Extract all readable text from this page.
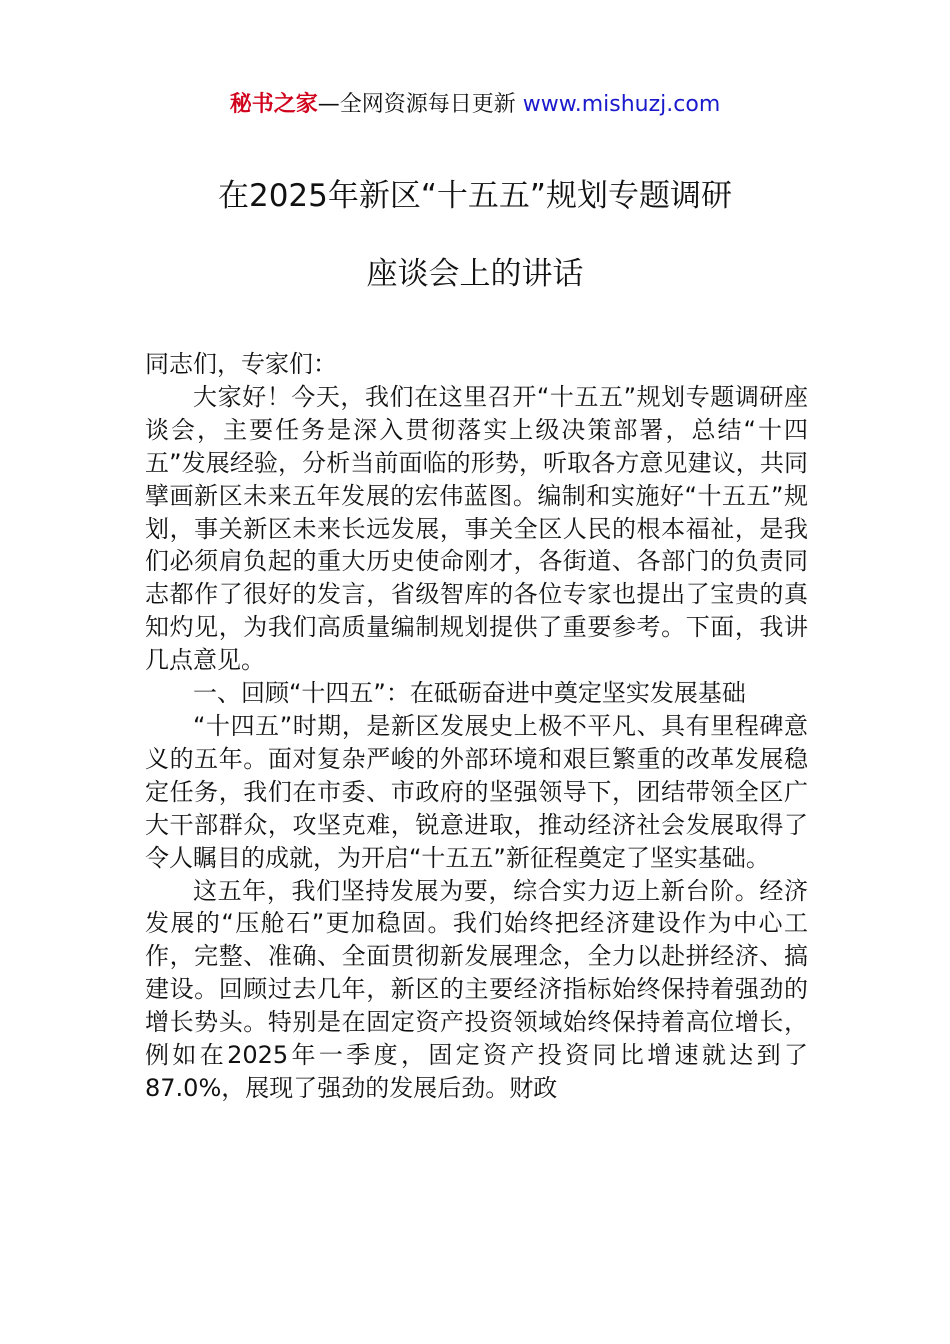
秘书之家—全网资源每日更新 www.mishuzj.com
在2025年新区“十五五”规划专题调研
座谈会上的讲话

同志们，专家们：

大家好！今天，我们在这里召开“十五五”规划专题调研座谈会，主要任务是深入贯彻落实上级决策部署，总结“十四五”发展经验，分析当前面临的形势，听取各方意见建议，共同擘画新区未来五年发展的宏伟蓝图。编制和实施好“十五五”规划，事关新区未来长远发展，事关全区人民的根本福祉，是我们必须肩负起的重大历史使命刚才，各街道、各部门的负责同志都作了很好的发言，省级智库的各位专家也提出了宝贵的真知灼见，为我们高质量编制规划提供了重要参考。下面，我讲几点意见。

一、回顾“十四五”：在砥砺奋进中奠定坚实发展基础

“十四五”时期，是新区发展史上极不平凡、具有里程碑意义的五年。面对复杂严峻的外部环境和艰巨繁重的改革发展稳定任务，我们在市委、市政府的坚强领导下，团结带领全区广大干部群众，攻坚克难，锐意进取，推动经济社会发展取得了令人瞩目的成就，为开启“十五五”新征程奠定了坚实基础。

这五年，我们坚持发展为要，综合实力迈上新台阶。经济发展的“压舱石”更加稳固。我们始终把经济建设作为中心工作，完整、准确、全面贯彻新发展理念，全力以赴拼经济、搞建设。回顾过去几年，新区的主要经济指标始终保持着强劲的增长势头。特别是在固定资产投资领域始终保持着高位增长，例如在2025年一季度，固定资产投资同比增速就达到了87.0%，展现了强劲的发展后劲。财政
